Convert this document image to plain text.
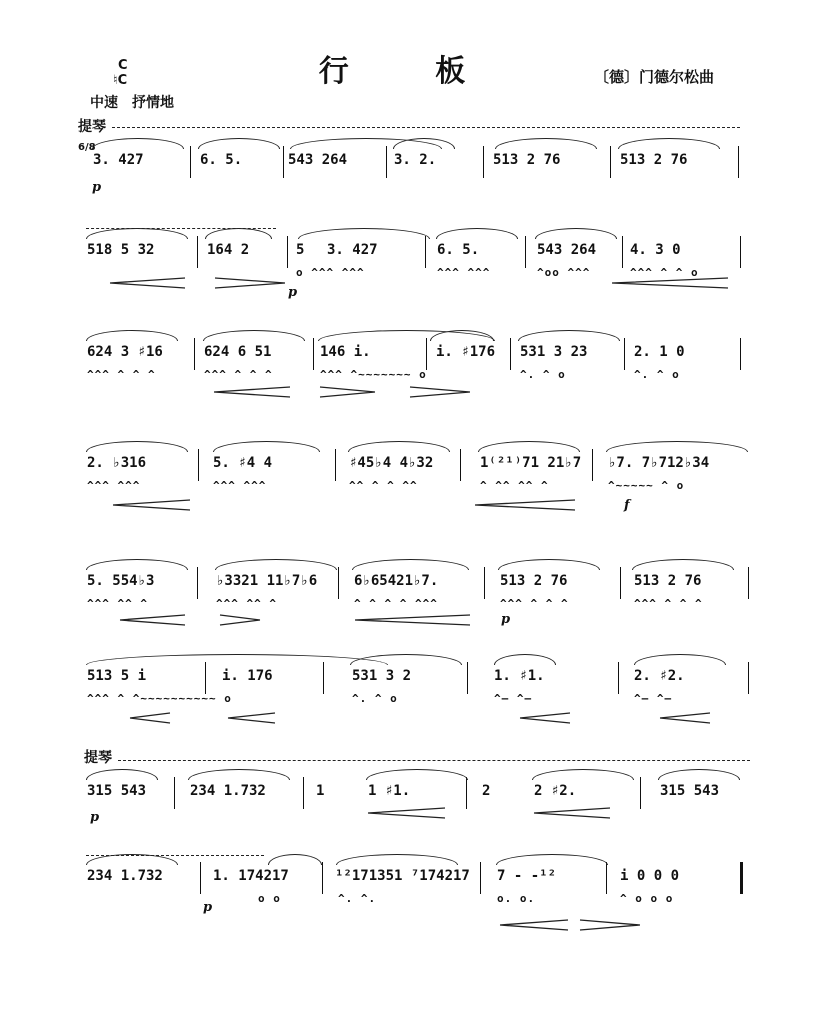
行 板	〔德〕门德尔松曲
C
♮C
中速　抒情地
提琴
提琴
3. 427	6. 5.	543 264	3. 2.	513 2 76	513 2 76
518 5 32	164 2	5 3. 427	6. 5.	543 264 4. 3 0
o ^^^ ^^^	^^^ ^^^	^oo ^^^	^^^ ^ ^ o
624 3 ♯16	624 6 51	146 i.	i. ♯176 531 3 23	2. 1 0
^^^ ^ ^ ^	^^^ ^ ^ ^	^^^ ^~~~~~~~ o	^. ^ o	^. ^ o
2. ♭316	5. ♯4 4	♯45♭4 4♭32	1⁽²¹⁾71 21♭7 ♭7. 7♭712♭34
^^^ ^^^	^^^ ^^^	^^ ^ ^ ^^	^ ^^ ^^ ^	^~~~~~ ^ o
5. 554♭3	♭3321 11♭7♭6	6♭65421♭7.	513 2 76	513 2 76
^^^ ^^ ^	^^^ ^^ ^	^ ^ ^ ^ ^^^	^^^ ^ ^ ^	^^^ ^ ^ ^
513 5 i	i. 176	531 3 2	1. ♯1.	2. ♯2.
^^^ ^ ^~~~~~~~~~~ o	^. ^ o	^— ^—	^— ^—
315 543	234 1.732	1	1 ♯1.	2	2 ♯2.	315 543
234 1.732	1. 174217	¹²171351 ⁷174217 7 - -¹²	i 0 0 0
o o	^. ^.	o. o.	^ o o o
p
p
f
p
p
p
6/8
